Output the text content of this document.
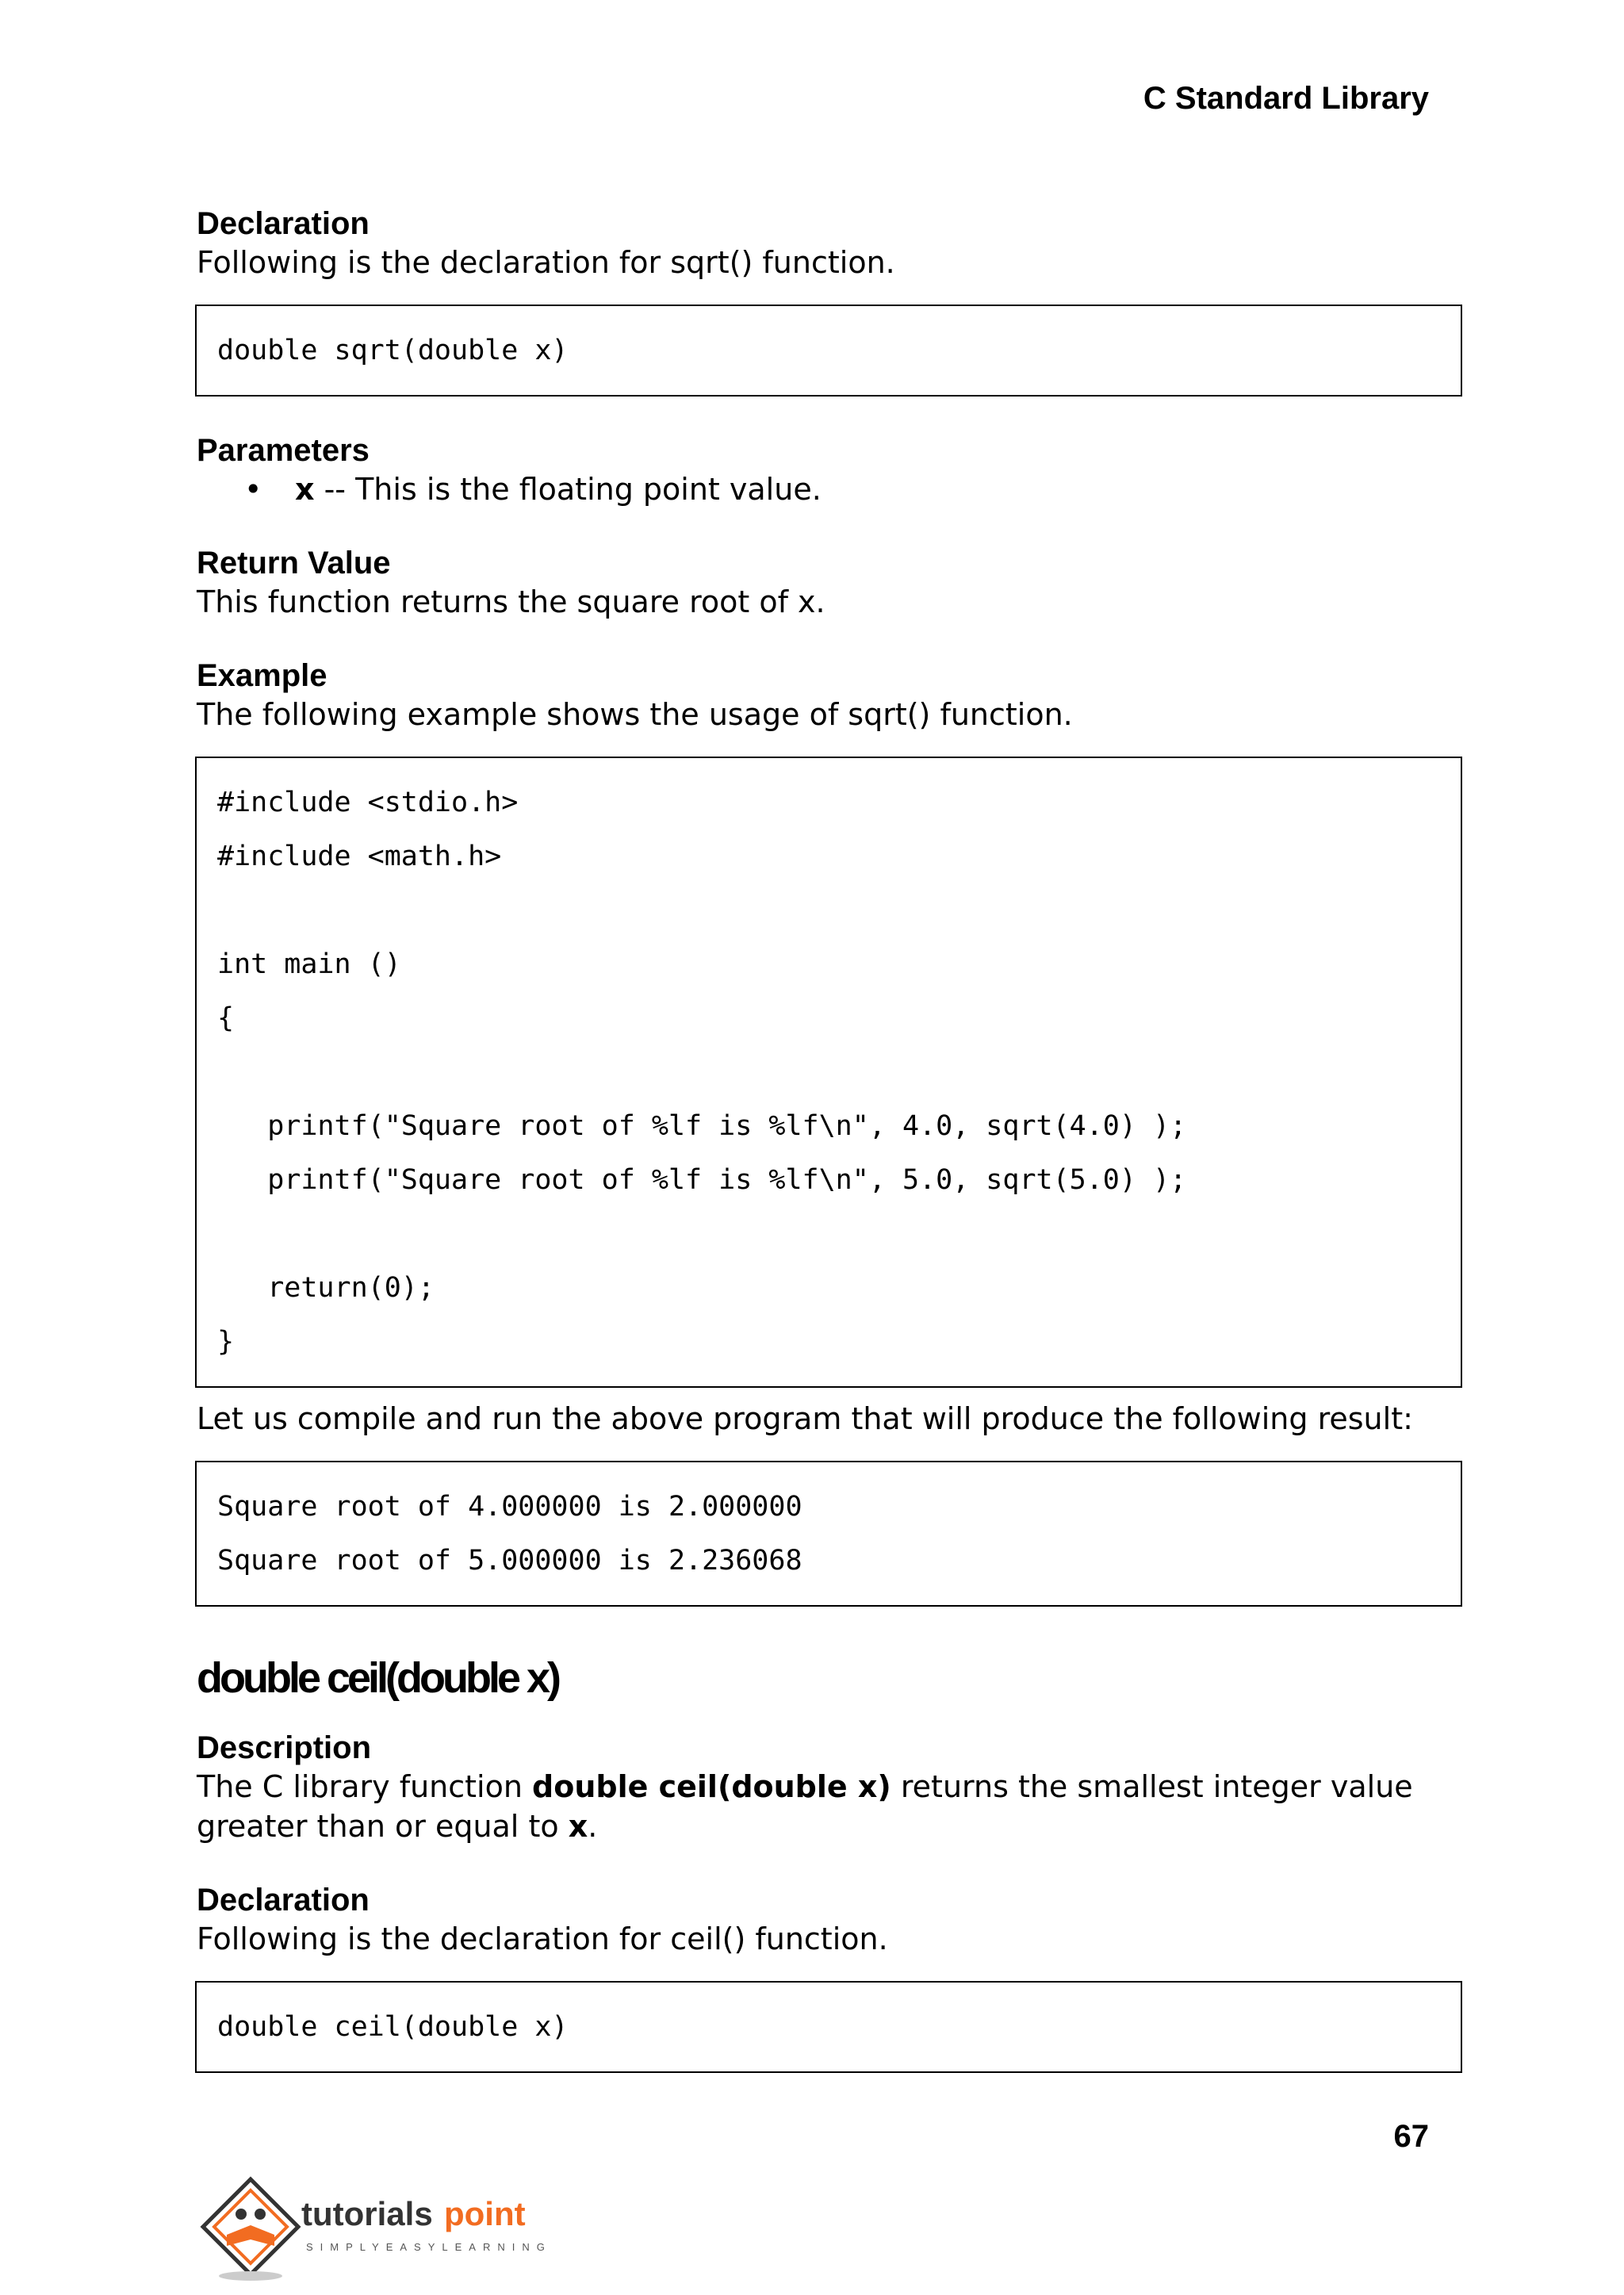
C Standard Library
Declaration

Following is the declaration for sqrt() function.

double sqrt(double x)
Parameters
• x -- This is the floating point value.
Return Value

This function returns the square root of x.

Example

The following example shows the usage of sqrt() function.

#include <stdio.h>
#include <math.h>
int main ()
{
printf("Square root of %lf is %lf\n", 4.0, sqrt(4.0) );
printf("Square root of %lf is %lf\n", 5.0, sqrt(5.0) );
return(0);
}

Let us compile and run the above program that will produce the following result:

Square root of 4.000000 is 2.000000
Square root of 5.000000 is 2.236068
double ceil(double x)
Description

The C library function double ceil(double x) returns the smallest integer value greater than or equal to x.

Declaration

Following is the declaration for ceil() function.

double ceil(double x)
67
tutorials point
SIMPLYEASYLEARNING
